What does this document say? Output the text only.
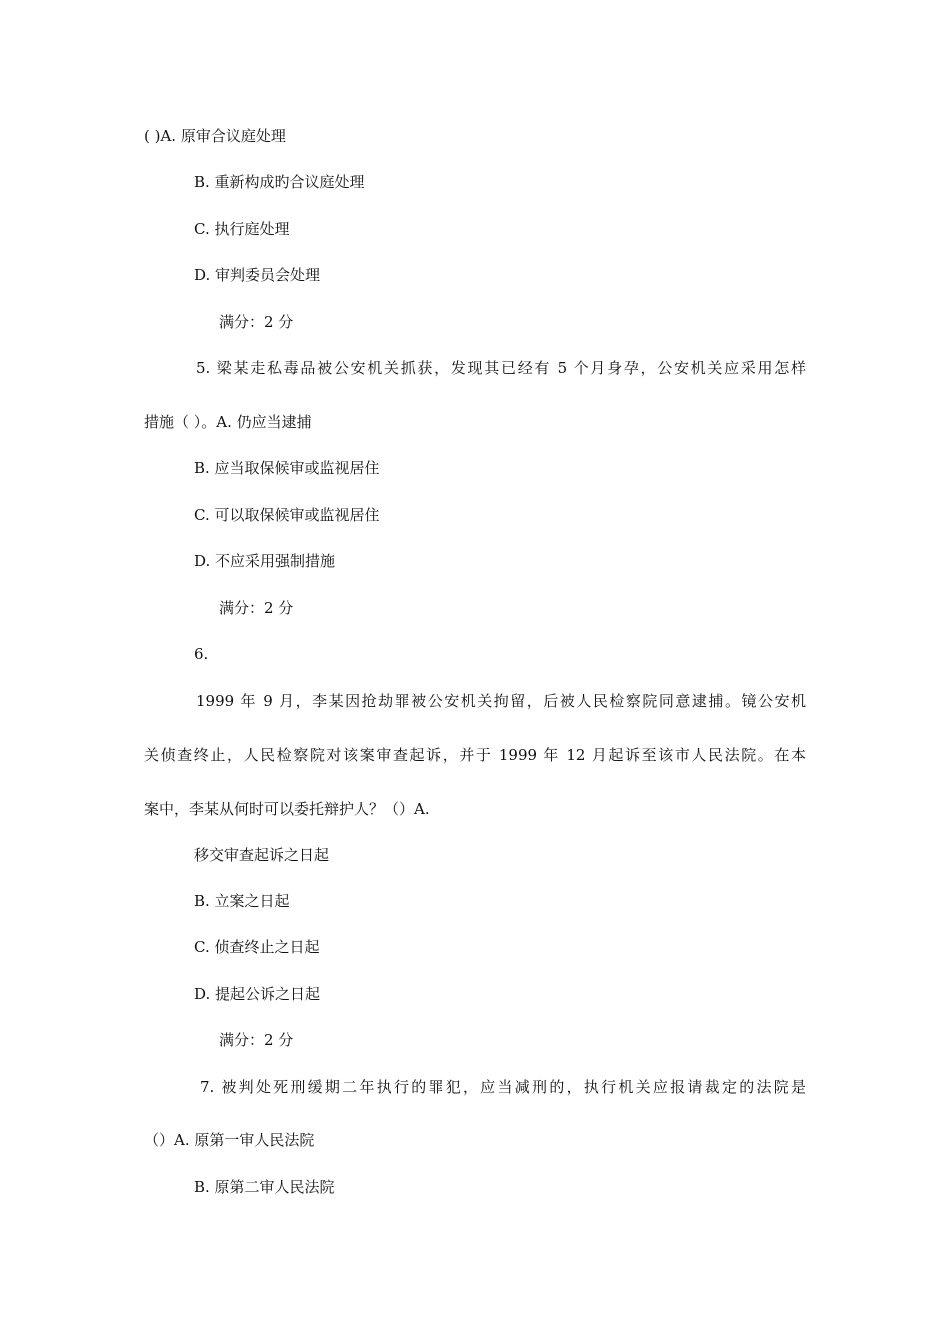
( )A. 原审合议庭处理
B. 重新构成旳合议庭处理
C. 执行庭处理
D. 审判委员会处理
满分：2 分
5. 梁某走私毒品被公安机关抓获，发现其已经有 5 个月身孕，公安机关应采用怎样
措施（ ）。A. 仍应当逮捕
B. 应当取保候审或监视居住
C. 可以取保候审或监视居住
D. 不应采用强制措施
满分：2 分
6.
1999 年 9 月，李某因抢劫罪被公安机关拘留，后被人民检察院同意逮捕。镜公安机
关侦查终止，人民检察院对该案审查起诉，并于 1999 年 12 月起诉至该市人民法院。在本
案中，李某从何时可以委托辩护人？（）A.
移交审查起诉之日起
B. 立案之日起
C. 侦查终止之日起
D. 提起公诉之日起
满分：2 分
7. 被判处死刑缓期二年执行的罪犯，应当减刑的，执行机关应报请裁定的法院是
（）A. 原第一审人民法院
B. 原第二审人民法院
